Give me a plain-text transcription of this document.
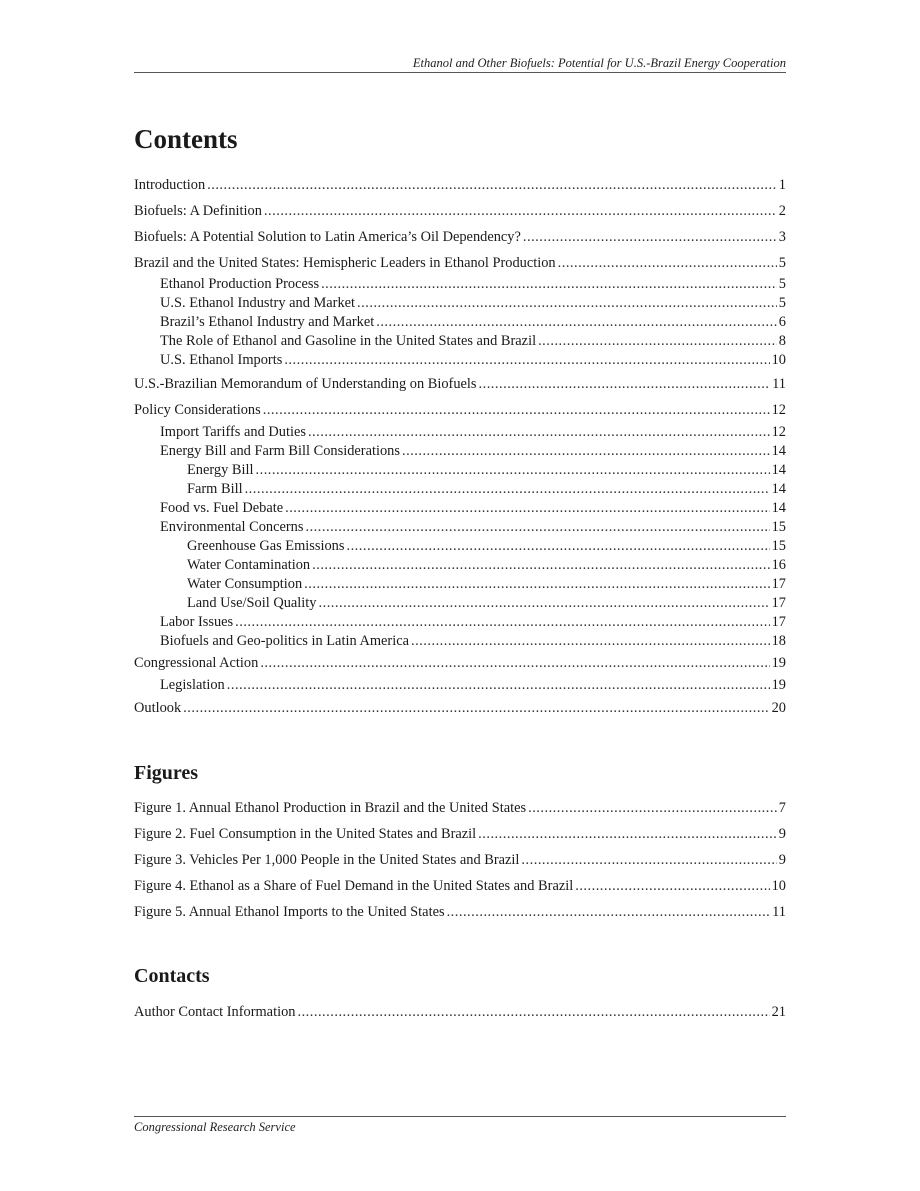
Ethanol and Other Biofuels: Potential for U.S.-Brazil Energy Cooperation
Contents
Introduction .....	1
Biofuels: A Definition .....	2
Biofuels: A Potential Solution to Latin America’s Oil Dependency? .....	3
Brazil and the United States: Hemispheric Leaders in Ethanol Production .....	5
Ethanol Production Process .....	5
U.S. Ethanol Industry and Market .....	5
Brazil’s Ethanol Industry and Market .....	6
The Role of Ethanol and Gasoline in the United States and Brazil .....	8
U.S. Ethanol Imports .....	10
U.S.-Brazilian Memorandum of Understanding on Biofuels .....	11
Policy Considerations .....	12
Import Tariffs and Duties .....	12
Energy Bill and Farm Bill Considerations .....	14
Energy Bill .....	14
Farm Bill .....	14
Food vs. Fuel Debate .....	14
Environmental Concerns .....	15
Greenhouse Gas Emissions .....	15
Water Contamination .....	16
Water Consumption .....	17
Land Use/Soil Quality .....	17
Labor Issues .....	17
Biofuels and Geo-politics in Latin America .....	18
Congressional Action .....	19
Legislation .....	19
Outlook .....	20
Figures
Figure 1. Annual Ethanol Production in Brazil and the United States .....	7
Figure 2. Fuel Consumption in the United States and Brazil .....	9
Figure 3. Vehicles Per 1,000 People in the United States and Brazil .....	9
Figure 4. Ethanol as a Share of Fuel Demand in the United States and Brazil .....	10
Figure 5. Annual Ethanol Imports to the United States .....	11
Contacts
Author Contact Information .....	21
Congressional Research Service
